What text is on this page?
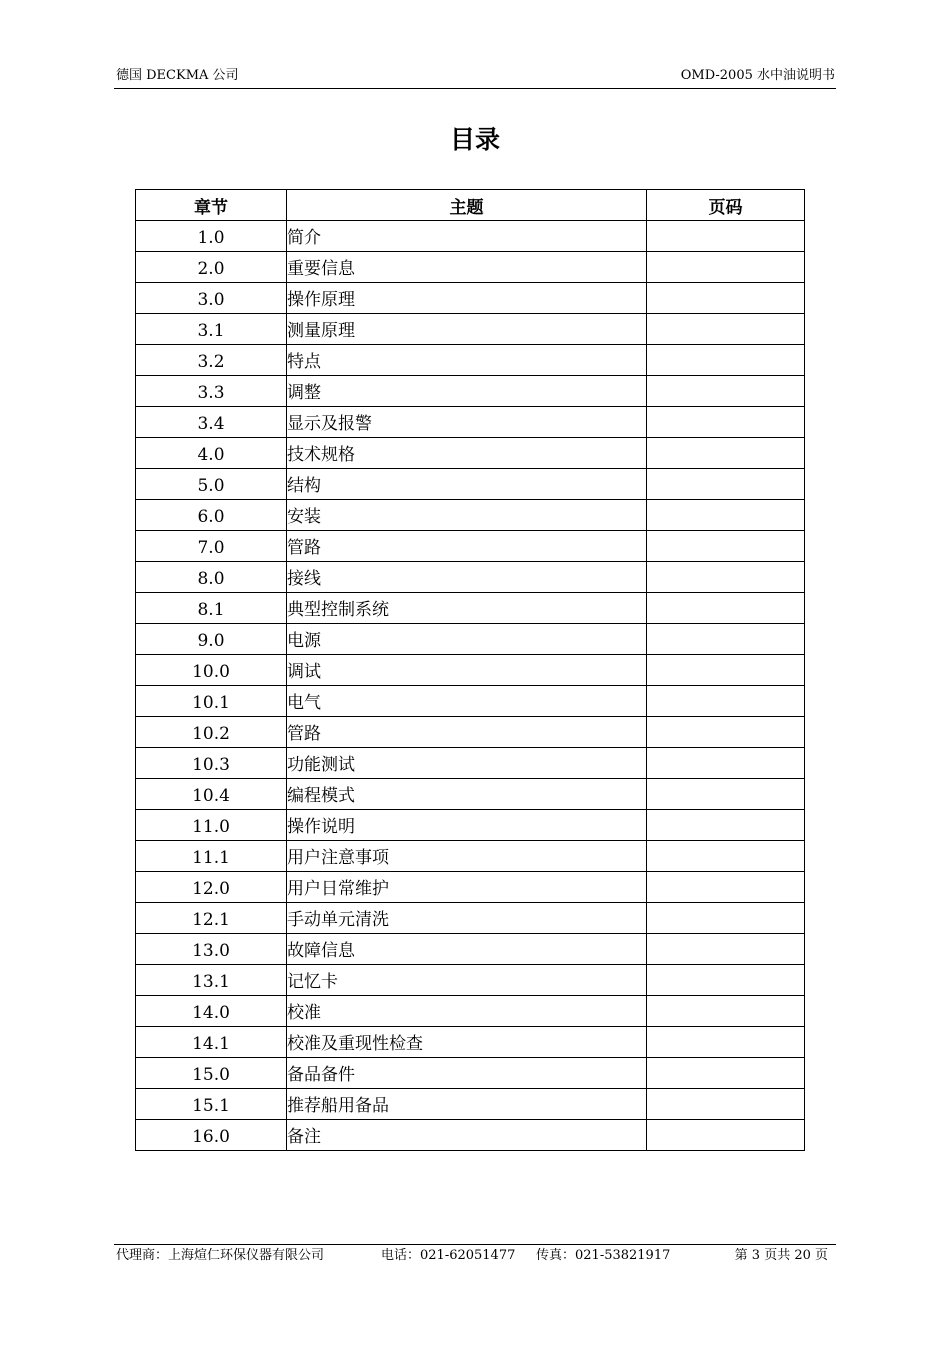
德国 DECKMA 公司	OMD-2005 水中油说明书
目录
章节	主题	页码
1.0	简介	
2.0	重要信息	
3.0	操作原理	
3.1	测量原理	
3.2	特点	
3.3	调整	
3.4	显示及报警	
4.0	技术规格	
5.0	结构	
6.0	安装	
7.0	管路	
8.0	接线	
8.1	典型控制系统	
9.0	电源	
10.0	调试	
10.1	电气	
10.2	管路	
10.3	功能测试	
10.4	编程模式	
11.0	操作说明	
11.1	用户注意事项	
12.0	用户日常维护	
12.1	手动单元清洗	
13.0	故障信息	
13.1	记忆卡	
14.0	校准	
14.1	校准及重现性检查	
15.0	备品备件	
15.1	推荐船用备品	
16.0	备注	
代理商：上海煊仁环保仪器有限公司	电话：021-62051477 传真：021-53821917	第 3 页共 20 页
